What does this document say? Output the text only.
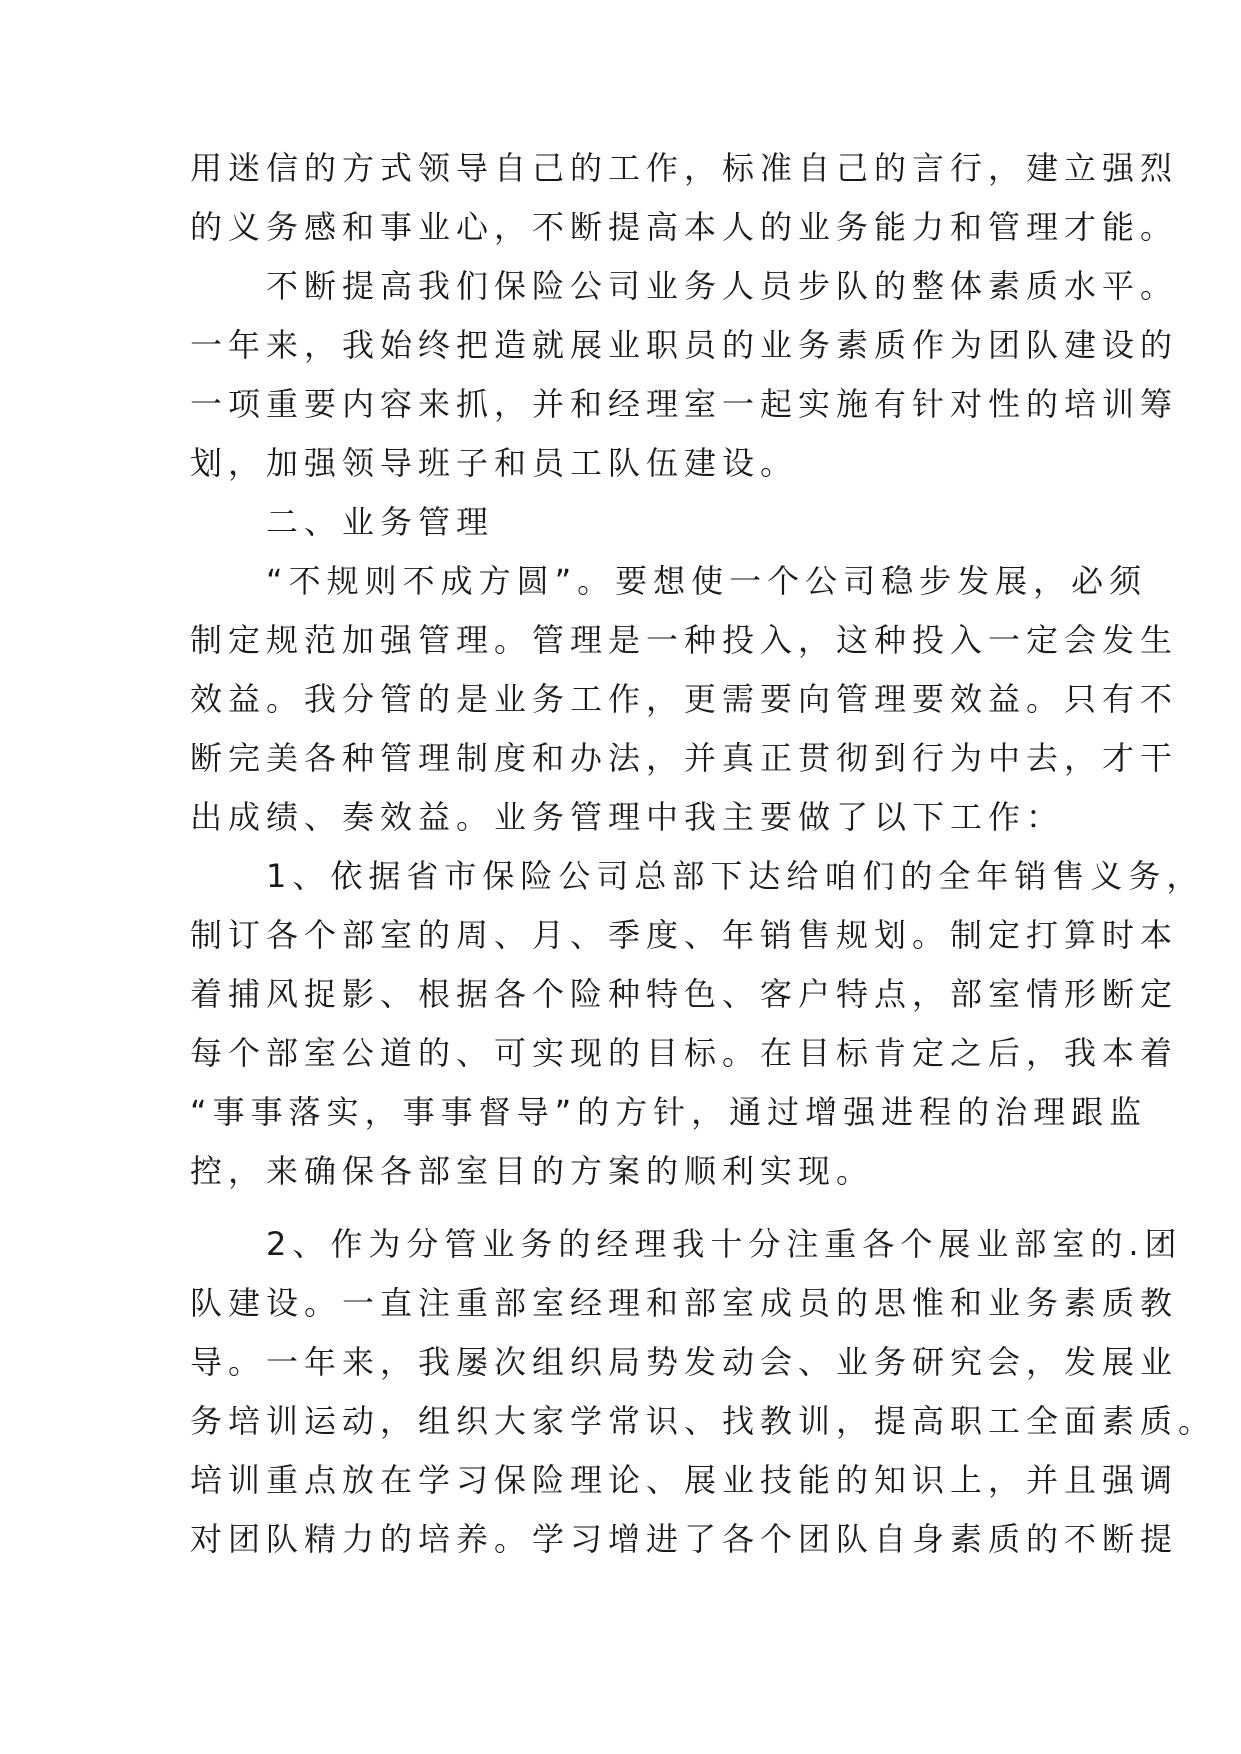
用迷信的方式领导自己的工作，标准自己的言行，建立强烈
的义务感和事业心，不断提高本人的业务能力和管理才能。
　　不断提高我们保险公司业务人员步队的整体素质水平。
一年来，我始终把造就展业职员的业务素质作为团队建设的
一项重要内容来抓，并和经理室一起实施有针对性的培训筹
划，加强领导班子和员工队伍建设。
　　二、业务管理
　　“不规则不成方圆”。要想使一个公司稳步发展，必须
制定规范加强管理。管理是一种投入，这种投入一定会发生
效益。我分管的是业务工作，更需要向管理要效益。只有不
断完美各种管理制度和办法，并真正贯彻到行为中去，才干
出成绩、奏效益。业务管理中我主要做了以下工作：
　　1、依据省市保险公司总部下达给咱们的全年销售义务，
制订各个部室的周、月、季度、年销售规划。制定打算时本
着捕风捉影、根据各个险种特色、客户特点，部室情形断定
每个部室公道的、可实现的目标。在目标肯定之后，我本着
“事事落实，事事督导”的方针，通过增强进程的治理跟监
控，来确保各部室目的方案的顺利实现。
　　2、作为分管业务的经理我十分注重各个展业部室的.团
队建设。一直注重部室经理和部室成员的思惟和业务素质教
导。一年来，我屡次组织局势发动会、业务研究会，发展业
务培训运动，组织大家学常识、找教训，提高职工全面素质。
培训重点放在学习保险理论、展业技能的知识上，并且强调
对团队精力的培养。学习增进了各个团队自身素质的不断提
